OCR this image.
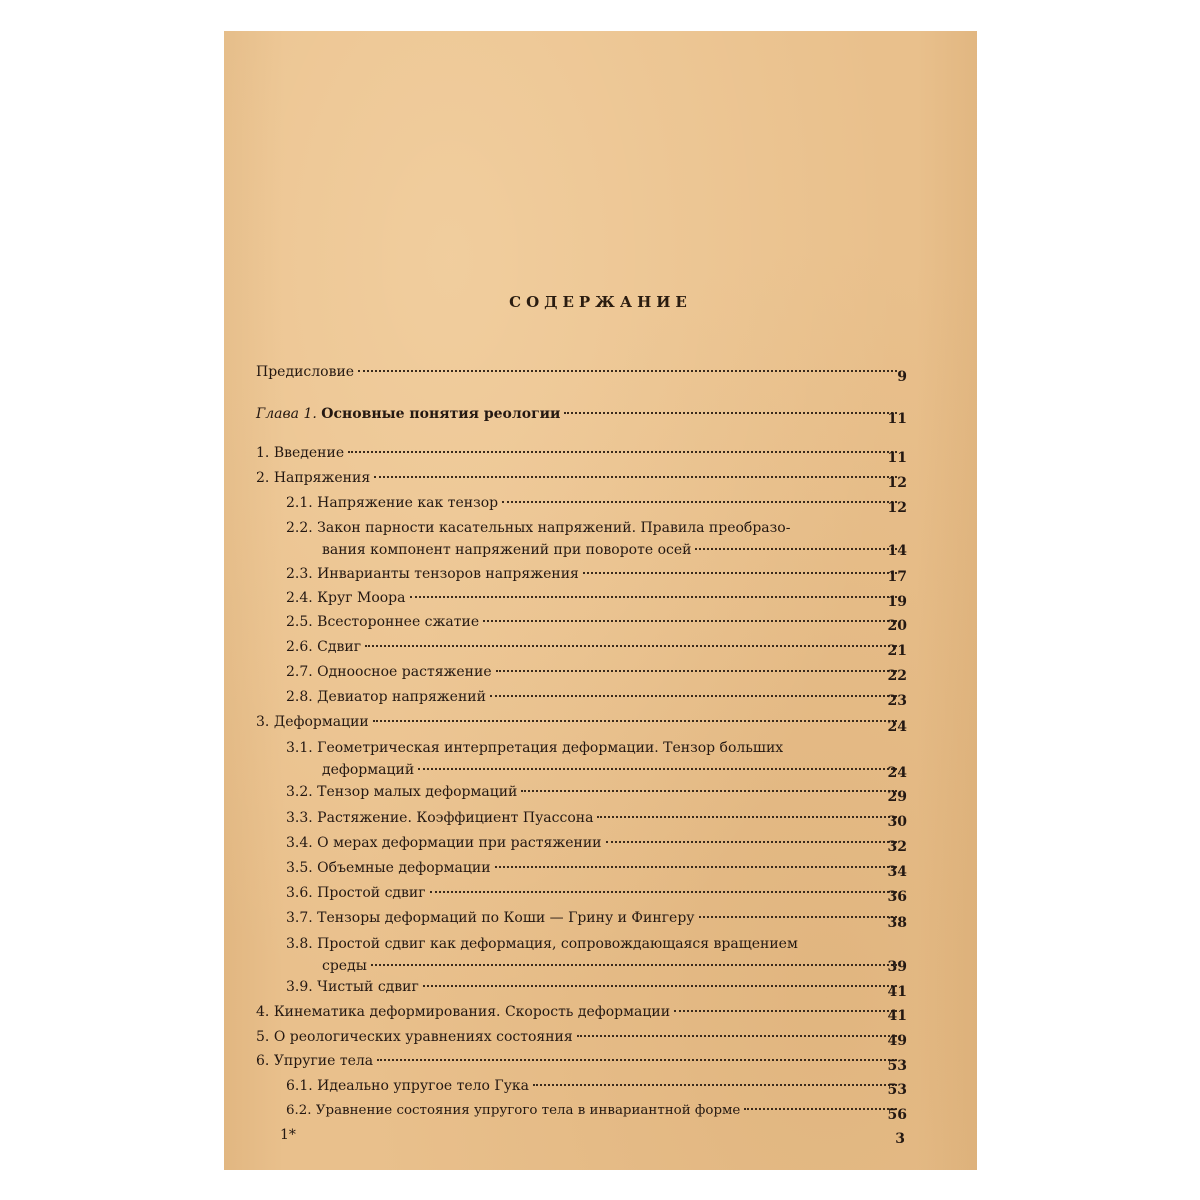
СОДЕРЖАНИЕ
Предисловие	9
Глава 1. Основные понятия реологии	11
1. Введение	11
2. Напряжения	12
2.1. Напряжение как тензор	12
2.2. Закон парности касательных напряжений. Правила преобразо-
вания компонент напряжений при повороте осей	14
2.3. Инварианты тензоров напряжения	17
2.4. Круг Моора	19
2.5. Всестороннее сжатие	20
2.6. Сдвиг	21
2.7. Одноосное растяжение	22
2.8. Девиатор напряжений	23
3. Деформации	24
3.1. Геометрическая интерпретация деформации. Тензор больших
деформаций	24
3.2. Тензор малых деформаций	29
3.3. Растяжение. Коэффициент Пуассона	30
3.4. О мерах деформации при растяжении	32
3.5. Объемные деформации	34
3.6. Простой сдвиг	36
3.7. Тензоры деформаций по Коши — Грину и Фингеру	38
3.8. Простой сдвиг как деформация, сопровождающаяся вращением
среды	39
3.9. Чистый сдвиг	41
4. Кинематика деформирования. Скорость деформации	41
5. О реологических уравнениях состояния	49
6. Упругие тела	53
6.1. Идеально упругое тело Гука	53
6.2. Уравнение состояния упругого тела в инвариантной форме	56
1*	3
